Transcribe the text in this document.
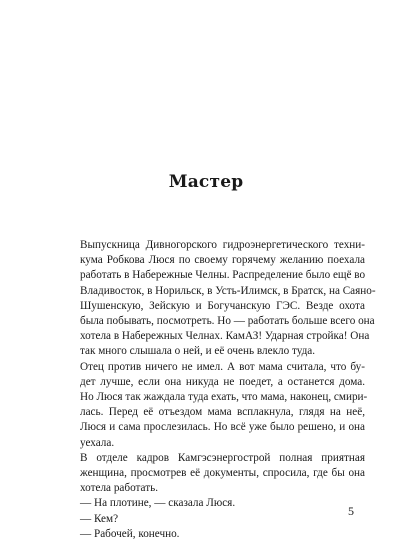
Мастер

Выпускница Дивногорского гидроэнергетического техни-
кума Робкова Люся по своему горячему желанию поехала
работать в Набережные Челны. Распределение было ещё во
Владивосток, в Норильск, в Усть-Илимск, в Братск, на Саяно-
Шушенскую, Зейскую и Богучанскую ГЭС. Везде охота
была побывать, посмотреть. Но — работать больше всего она
хотела в Набережных Челнах. КамАЗ! Ударная стройка! Она
так много слышала о ней, и её очень влекло туда.

Отец против ничего не имел. А вот мама считала, что бу-
дет лучше, если она никуда не поедет, а останется дома.
Но Люся так жаждала туда ехать, что мама, наконец, смири-
лась. Перед её отъездом мама всплакнула, глядя на неё,
Люся и сама прослезилась. Но всё уже было решено, и она
уехала.

В отделе кадров Камгэсэнергострой полная приятная
женщина, просмотрев её документы, спросила, где бы она
хотела работать.

— На плотине, — сказала Люся.

— Кем?

— Рабочей, конечно.

5
